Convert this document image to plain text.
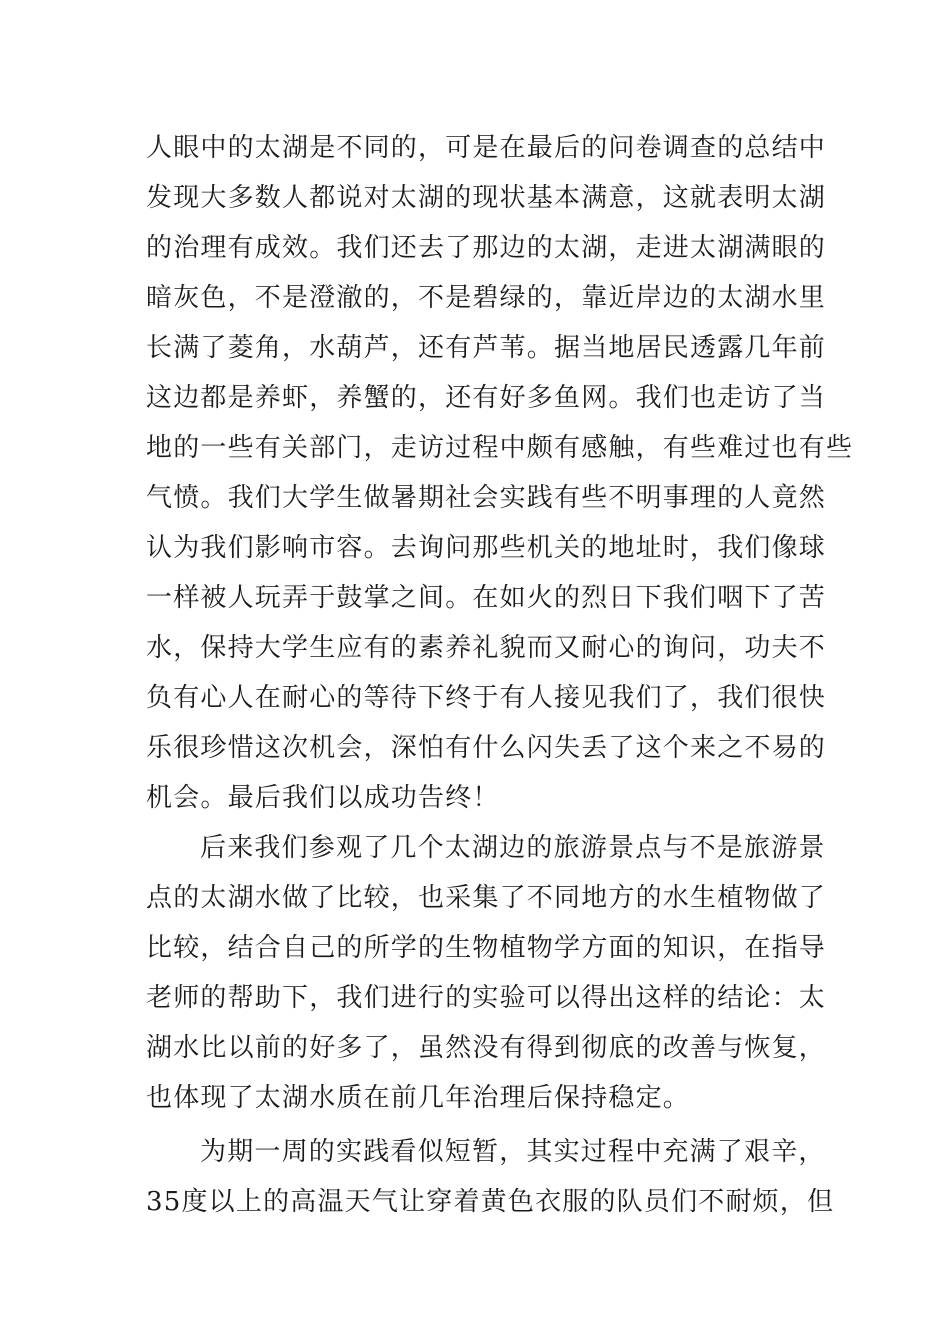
人眼中的太湖是不同的，可是在最后的问卷调查的总结中
发现大多数人都说对太湖的现状基本满意，这就表明太湖
的治理有成效。我们还去了那边的太湖，走进太湖满眼的
暗灰色，不是澄澈的，不是碧绿的，靠近岸边的太湖水里
长满了菱角，水葫芦，还有芦苇。据当地居民透露几年前
这边都是养虾，养蟹的，还有好多鱼网。我们也走访了当
地的一些有关部门，走访过程中颇有感触，有些难过也有些
气愤。我们大学生做暑期社会实践有些不明事理的人竟然
认为我们影响市容。去询问那些机关的地址时，我们像球
一样被人玩弄于鼓掌之间。在如火的烈日下我们咽下了苦
水，保持大学生应有的素养礼貌而又耐心的询问，功夫不
负有心人在耐心的等待下终于有人接见我们了，我们很快
乐很珍惜这次机会，深怕有什么闪失丢了这个来之不易的
机会。最后我们以成功告终！
后来我们参观了几个太湖边的旅游景点与不是旅游景
点的太湖水做了比较，也采集了不同地方的水生植物做了
比较，结合自己的所学的生物植物学方面的知识，在指导
老师的帮助下，我们进行的实验可以得出这样的结论：太
湖水比以前的好多了，虽然没有得到彻底的改善与恢复，
也体现了太湖水质在前几年治理后保持稳定。
为期一周的实践看似短暂，其实过程中充满了艰辛，
35度以上的高温天气让穿着黄色衣服的队员们不耐烦，但
